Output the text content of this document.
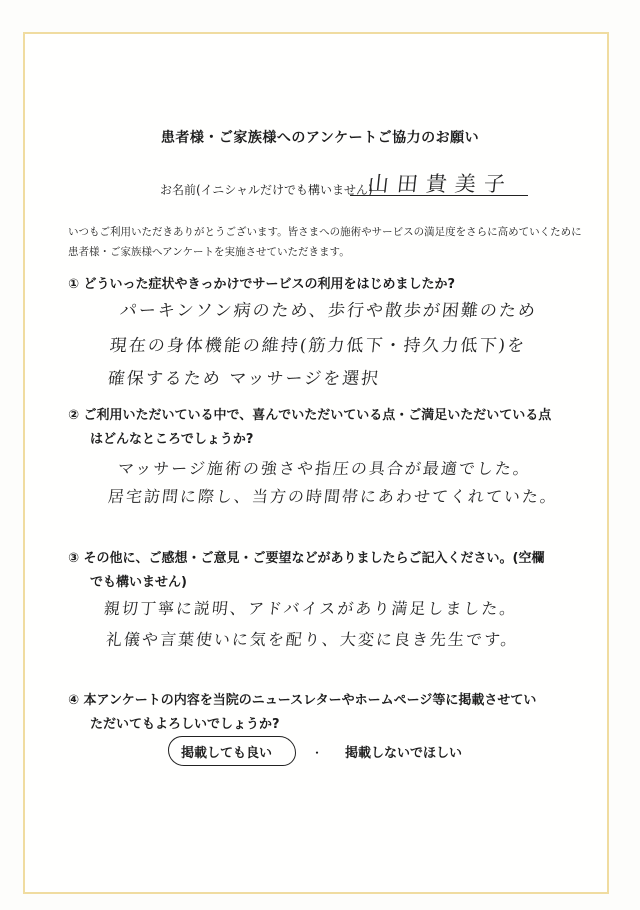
患者様・ご家族様へのアンケートご協力のお願い
お名前(イニシャルだけでも構いません)
山田貴美子
いつもご利用いただきありがとうございます。皆さまへの施術やサービスの満足度をさらに高めていくために
患者様・ご家族様へアンケートを実施させていただきます。
① どういった症状やきっかけでサービスの利用をはじめましたか?
パーキンソン病のため、歩行や散歩が困難のため
現在の身体機能の維持(筋力低下・持久力低下)を
確保するため マッサージを選択
② ご利用いただいている中で、喜んでいただいている点・ご満足いただいている点
はどんなところでしょうか?
マッサージ施術の強さや指圧の具合が最適でした。
居宅訪問に際し、当方の時間帯にあわせてくれていた。
③ その他に、ご感想・ご意見・ご要望などがありましたらご記入ください。(空欄
でも構いません)
親切丁寧に説明、アドバイスがあり満足しました。
礼儀や言葉使いに気を配り、大変に良き先生です。
④ 本アンケートの内容を当院のニュースレターやホームページ等に掲載させてい
ただいてもよろしいでしょうか?
掲載しても良い	・ 掲載しないでほしい
